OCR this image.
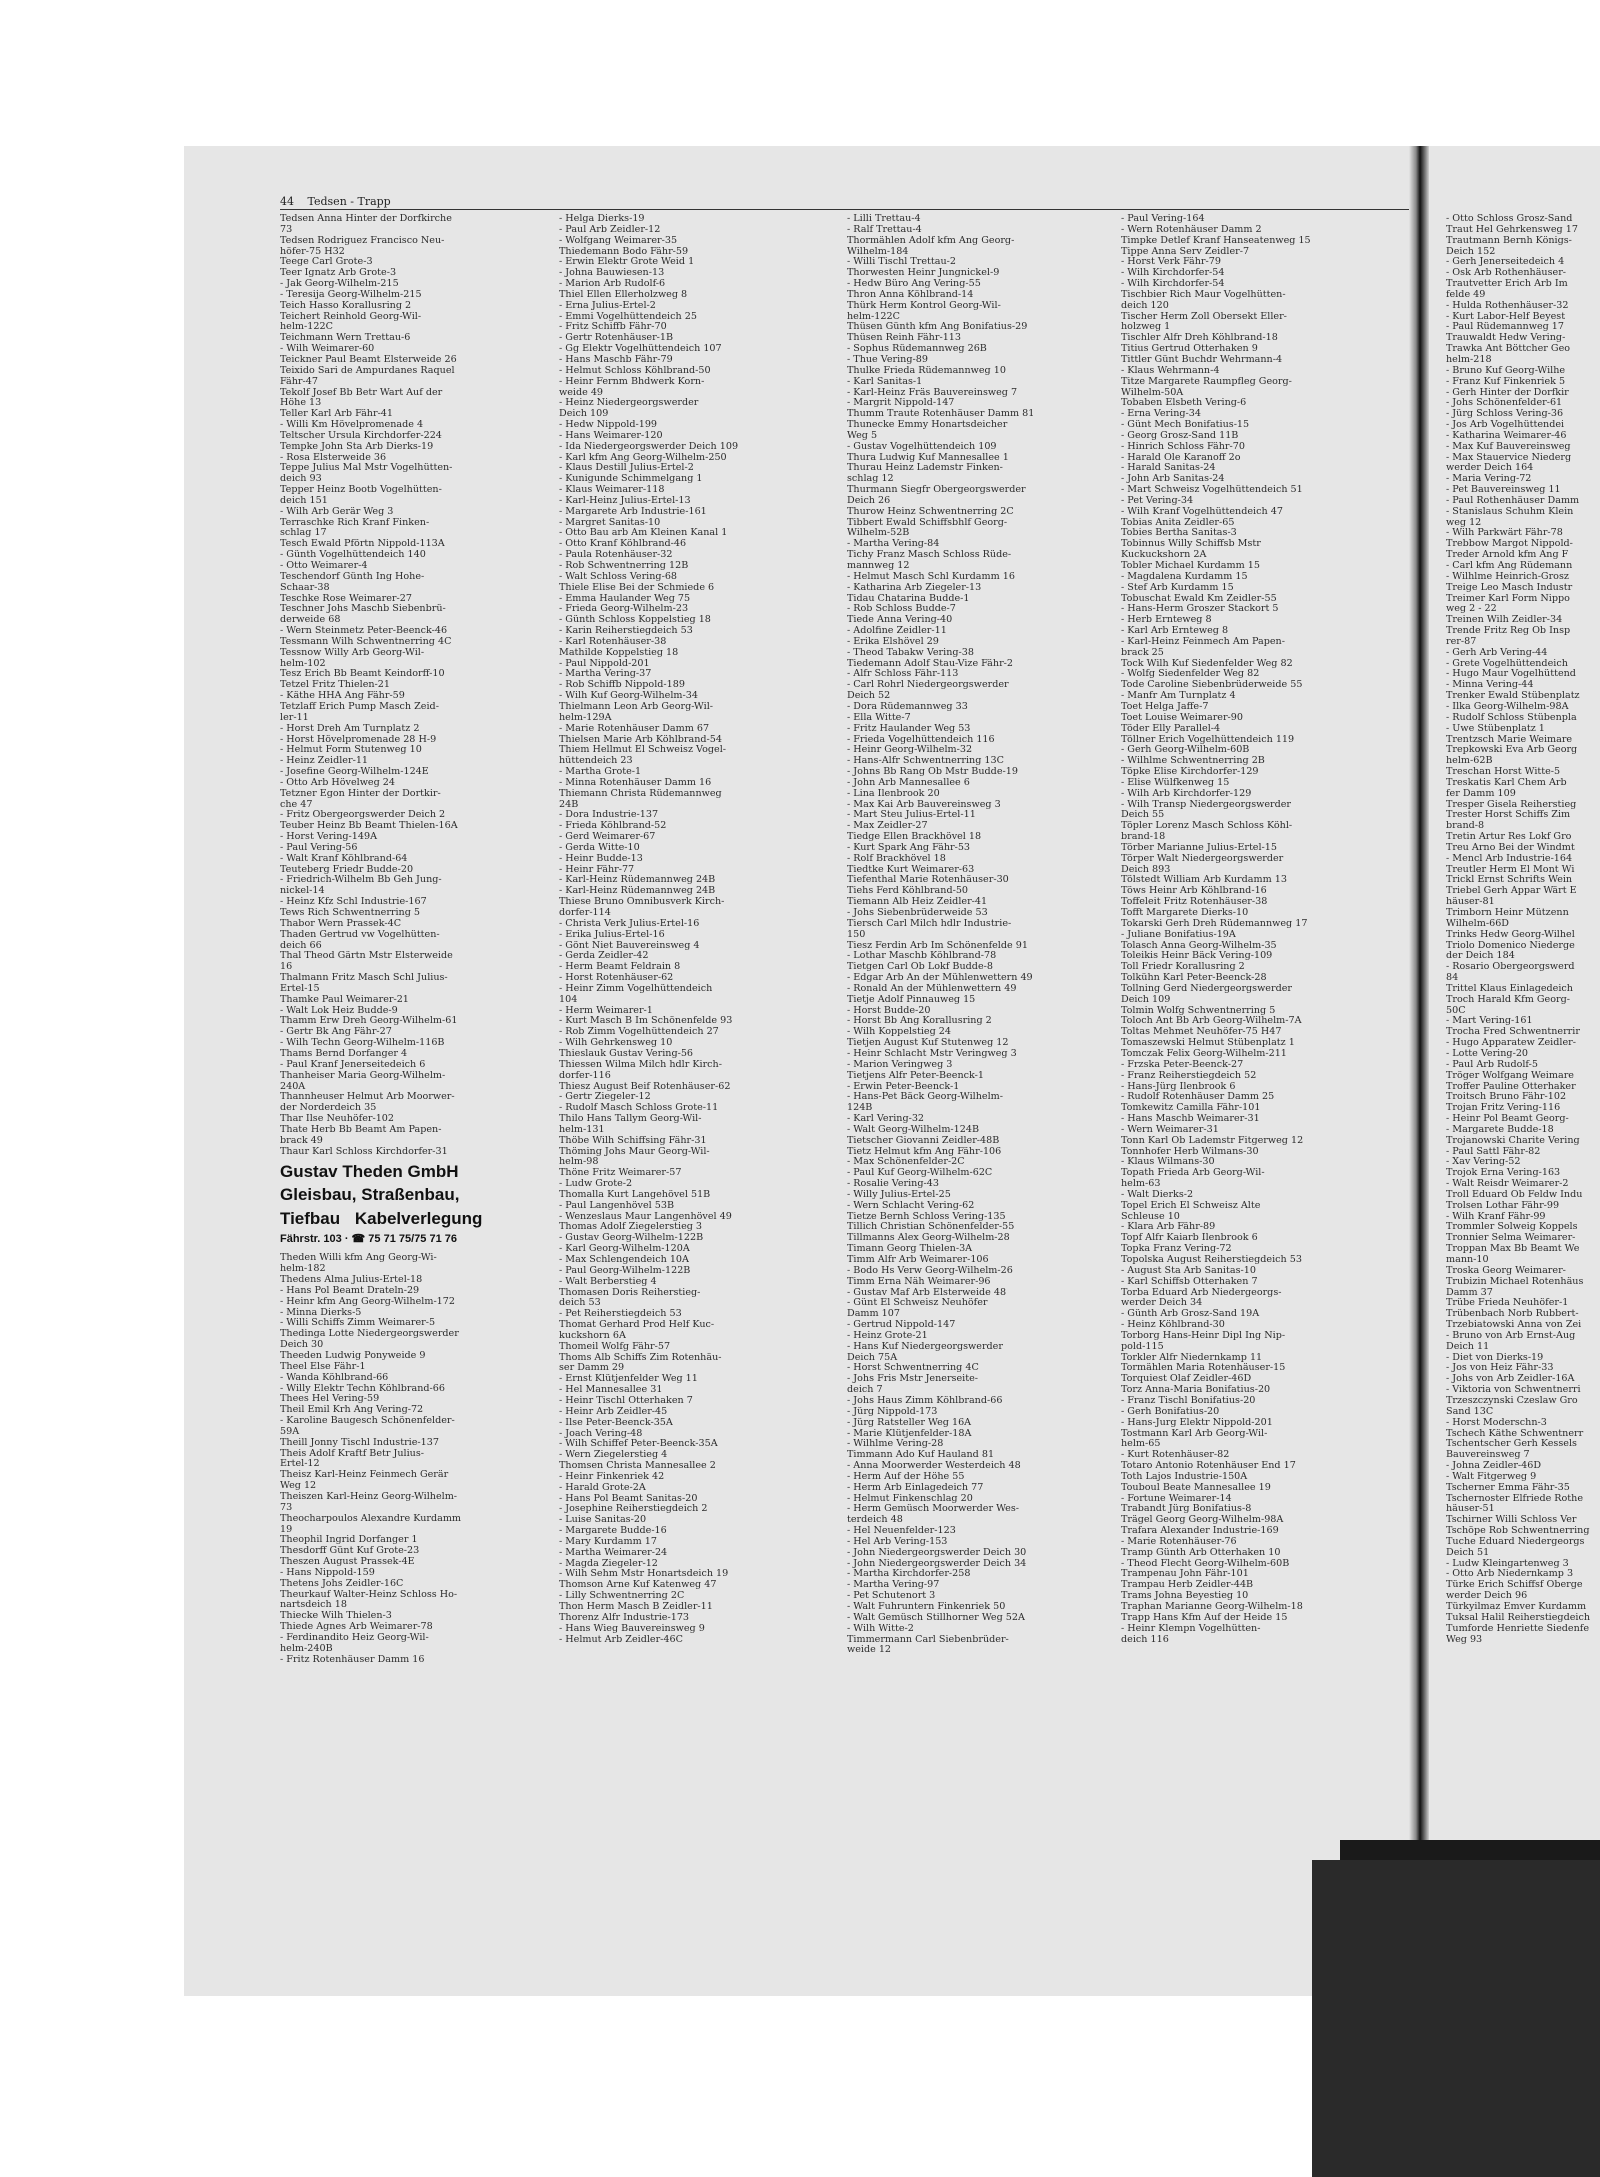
44 Tedsen - Trapp
Tedsen Anna Hinter der Dorfkirche
73
Tedsen Rodriguez Francisco Neu-
höfer-75 H32
Teege Carl Grote-3
Teer Ignatz Arb Grote-3
- Jak Georg-Wilhelm-215
- Teresija Georg-Wilhelm-215
Teich Hasso Korallusring 2
Teichert Reinhold Georg-Wil-
helm-122C
Teichmann Wern Trettau-6
- Wilh Weimarer-60
Teickner Paul Beamt Elsterweide 26
Teixido Sari de Ampurdanes Raquel
Fähr-47
Tekolf Josef Bb Betr Wart Auf der
Höhe 13
Teller Karl Arb Fähr-41
- Willi Km Hövelpromenade 4
Teltscher Ursula Kirchdorfer-224
Tempke John Sta Arb Dierks-19
- Rosa Elsterweide 36
Teppe Julius Mal Mstr Vogelhütten-
deich 93
Tepper Heinz Bootb Vogelhütten-
deich 151
- Wilh Arb Gerär Weg 3
Terraschke Rich Kranf Finken-
schlag 17
Tesch Ewald Pförtn Nippold-113A
- Günth Vogelhüttendeich 140
- Otto Weimarer-4
Teschendorf Günth Ing Hohe-
Schaar-38
Teschke Rose Weimarer-27
Teschner Johs Maschb Siebenbrü-
derweide 68
- Wern Steinmetz Peter-Beenck-46
Tessmann Wilh Schwentnerring 4C
Tessnow Willy Arb Georg-Wil-
helm-102
Tesz Erich Bb Beamt Keindorff-10
Tetzel Fritz Thielen-21
- Käthe HHA Ang Fähr-59
Tetzlaff Erich Pump Masch Zeid-
ler-11
- Horst Dreh Am Turnplatz 2
- Horst Hövelpromenade 28 H-9
- Helmut Form Stutenweg 10
- Heinz Zeidler-11
- Josefine Georg-Wilhelm-124E
- Otto Arb Hövelweg 24
Tetzner Egon Hinter der Dortkir-
che 47
- Fritz Obergeorgswerder Deich 2
Teuber Heinz Bb Beamt Thielen-16A
- Horst Vering-149A
- Paul Vering-56
- Walt Kranf Köhlbrand-64
Teuteberg Friedr Budde-20
- Friedrich-Wilhelm Bb Geh Jung-
nickel-14
- Heinz Kfz Schl Industrie-167
Tews Rich Schwentnerring 5
Thabor Wern Prassek-4C
Thaden Gertrud vw Vogelhütten-
deich 66
Thal Theod Gärtn Mstr Elsterweide
16
Thalmann Fritz Masch Schl Julius-
Ertel-15
Thamke Paul Weimarer-21
- Walt Lok Heiz Budde-9
Thamm Erw Dreh Georg-Wilhelm-61
- Gertr Bk Ang Fähr-27
- Wilh Techn Georg-Wilhelm-116B
Thams Bernd Dorfanger 4
- Paul Kranf Jenerseitedeich 6
Thanheiser Maria Georg-Wilhelm-
240A
Thannheuser Helmut Arb Moorwer-
der Norderdeich 35
Thar Ilse Neuhöfer-102
Thate Herb Bb Beamt Am Papen-
brack 49
Thaur Karl Schloss Kirchdorfer-31
Gustav Theden GmbH
Gleisbau, Straßenbau,
Tiefbau Kabelverlegung
Fährstr. 103 · ☎ 75 71 75/75 71 76
Theden Willi kfm Ang Georg-Wi-
helm-182
Thedens Alma Julius-Ertel-18
- Hans Pol Beamt Drateln-29
- Heinr kfm Ang Georg-Wilhelm-172
- Minna Dierks-5
- Willi Schiffs Zimm Weimarer-5
Thedinga Lotte Niedergeorgswerder
Deich 30
Theeden Ludwig Ponyweide 9
Theel Else Fähr-1
- Wanda Köhlbrand-66
- Willy Elektr Techn Köhlbrand-66
Thees Hel Vering-59
Theil Emil Krh Ang Vering-72
- Karoline Baugesch Schönenfelder-
59A
Theill Jonny Tischl Industrie-137
Theis Adolf Kraftf Betr Julius-
Ertel-12
Theisz Karl-Heinz Feinmech Gerär
Weg 12
Theiszen Karl-Heinz Georg-Wilhelm-
73
Theocharpoulos Alexandre Kurdamm
19
Theophil Ingrid Dorfanger 1
Thesdorff Günt Kuf Grote-23
Theszen August Prassek-4E
- Hans Nippold-159
Thetens Johs Zeidler-16C
Theurkauf Walter-Heinz Schloss Ho-
nartsdeich 18
Thiecke Wilh Thielen-3
Thiede Agnes Arb Weimarer-78
- Ferdinandito Heiz Georg-Wil-
helm-240B
- Fritz Rotenhäuser Damm 16
- Helga Dierks-19
- Paul Arb Zeidler-12
- Wolfgang Weimarer-35
Thiedemann Bodo Fähr-59
- Erwin Elektr Grote Weid 1
- Johna Bauwiesen-13
- Marion Arb Rudolf-6
Thiel Ellen Ellerholzweg 8
- Erna Julius-Ertel-2
- Emmi Vogelhüttendeich 25
- Fritz Schiffb Fähr-70
- Gertr Rotenhäuser-1B
- Gg Elektr Vogelhüttendeich 107
- Hans Maschb Fähr-79
- Helmut Schloss Köhlbrand-50
- Heinr Fernm Bhdwerk Korn-
weide 49
- Heinz Niedergeorgswerder
Deich 109
- Hedw Nippold-199
- Hans Weimarer-120
- Ida Niedergeorgswerder Deich 109
- Karl kfm Ang Georg-Wilhelm-250
- Klaus Destill Julius-Ertel-2
- Kunigunde Schimmelgang 1
- Klaus Weimarer-118
- Karl-Heinz Julius-Ertel-13
- Margarete Arb Industrie-161
- Margret Sanitas-10
- Otto Bau arb Am Kleinen Kanal 1
- Otto Kranf Köhlbrand-46
- Paula Rotenhäuser-32
- Rob Schwentnerring 12B
- Walt Schloss Vering-68
Thiele Elise Bei der Schmiede 6
- Emma Haulander Weg 75
- Frieda Georg-Wilhelm-23
- Günth Schloss Koppelstieg 18
- Karin Reiherstiegdeich 53
- Karl Rotenhäuser-38
Mathilde Koppelstieg 18
- Paul Nippold-201
- Martha Vering-37
- Rob Schiffb Nippold-189
- Wilh Kuf Georg-Wilhelm-34
Thielmann Leon Arb Georg-Wil-
helm-129A
- Marie Rotenhäuser Damm 67
Thielsen Marie Arb Köhlbrand-54
Thiem Hellmut El Schweisz Vogel-
hüttendeich 23
- Martha Grote-1
- Minna Rotenhäuser Damm 16
Thiemann Christa Rüdemannweg
24B
- Dora Industrie-137
- Frieda Köhlbrand-52
- Gerd Weimarer-67
- Gerda Witte-10
- Heinr Budde-13
- Heinr Fähr-77
- Karl-Heinz Rüdemannweg 24B
- Karl-Heinz Rüdemannweg 24B
Thiese Bruno Omnibusverk Kirch-
dorfer-114
- Christa Verk Julius-Ertel-16
- Erika Julius-Ertel-16
- Gönt Niet Bauvereinsweg 4
- Gerda Zeidler-42
- Herm Beamt Feldrain 8
- Horst Rotenhäuser-62
- Heinr Zimm Vogelhüttendeich
104
- Herm Weimarer-1
- Kurt Masch B Im Schönenfelde 93
- Rob Zimm Vogelhüttendeich 27
- Wilh Gehrkensweg 10
Thieslauk Gustav Vering-56
Thiessen Wilma Milch hdlr Kirch-
dorfer-116
Thiesz August Beif Rotenhäuser-62
- Gertr Ziegeler-12
- Rudolf Masch Schloss Grote-11
Thilo Hans Tallym Georg-Wil-
helm-131
Thöbe Wilh Schiffsing Fähr-31
Thöming Johs Maur Georg-Wil-
helm-98
Thöne Fritz Weimarer-57
- Ludw Grote-2
Thomalla Kurt Langehövel 51B
- Paul Langenhövel 53B
- Wenzeslaus Maur Langenhövel 49
Thomas Adolf Ziegelerstieg 3
- Gustav Georg-Wilhelm-122B
- Karl Georg-Wilhelm-120A
- Max Schlengendeich 10A
- Paul Georg-Wilhelm-122B
- Walt Berberstieg 4
Thomasen Doris Reiherstieg-
deich 53
- Pet Reiherstiegdeich 53
Thomat Gerhard Prod Helf Kuc-
kuckshorn 6A
Thomeil Wolfg Fähr-57
Thoms Alb Schiffs Zim Rotenhäu-
ser Damm 29
- Ernst Klütjenfelder Weg 11
- Hel Mannesallee 31
- Heinr Tischl Otterhaken 7
- Heinr Arb Zeidler-45
- Ilse Peter-Beenck-35A
- Joach Vering-48
- Wilh Schiffef Peter-Beenck-35A
- Wern Ziegelerstieg 4
Thomsen Christa Mannesallee 2
- Heinr Finkenriek 42
- Harald Grote-2A
- Hans Pol Beamt Sanitas-20
- Josephine Reiherstiegdeich 2
- Luise Sanitas-20
- Margarete Budde-16
- Mary Kurdamm 17
- Martha Weimarer-24
- Magda Ziegeler-12
- Wilh Sehm Mstr Honartsdeich 19
Thomson Arne Kuf Katenweg 47
- Lilly Schwentnerring 2C
Thon Herm Masch B Zeidler-11
Thorenz Alfr Industrie-173
- Hans Wieg Bauvereinsweg 9
- Helmut Arb Zeidler-46C
- Lilli Trettau-4
- Ralf Trettau-4
Thormählen Adolf kfm Ang Georg-
Wilhelm-184
- Willi Tischl Trettau-2
Thorwesten Heinr Jungnickel-9
- Hedw Büro Ang Vering-55
Thron Anna Köhlbrand-14
Thürk Herm Kontrol Georg-Wil-
helm-122C
Thüsen Günth kfm Ang Bonifatius-29
Thüsen Reinh Fähr-113
- Sophus Rüdemannweg 26B
- Thue Vering-89
Thulke Frieda Rüdemannweg 10
- Karl Sanitas-1
- Karl-Heinz Fräs Bauvereinsweg 7
- Margrit Nippold-147
Thumm Traute Rotenhäuser Damm 81
Thunecke Emmy Honartsdeicher
Weg 5
- Gustav Vogelhüttendeich 109
Thura Ludwig Kuf Mannesallee 1
Thurau Heinz Lademstr Finken-
schlag 12
Thurmann Siegfr Obergeorgswerder
Deich 26
Thurow Heinz Schwentnerring 2C
Tibbert Ewald Schiffsbhlf Georg-
Wilhelm-52B
- Martha Vering-84
Tichy Franz Masch Schloss Rüde-
mannweg 12
- Helmut Masch Schl Kurdamm 16
- Katharina Arb Ziegeler-13
Tidau Chatarina Budde-1
- Rob Schloss Budde-7
Tiede Anna Vering-40
- Adolfine Zeidler-11
- Erika Elshövel 29
- Theod Tabakw Vering-38
Tiedemann Adolf Stau-Vize Fähr-2
- Alfr Schloss Fähr-113
- Carl Rohrl Niedergeorgswerder
Deich 52
- Dora Rüdemannweg 33
- Ella Witte-7
- Fritz Haulander Weg 53
- Frieda Vogelhüttendeich 116
- Heinr Georg-Wilhelm-32
- Hans-Alfr Schwentnerring 13C
- Johns Bb Rang Ob Mstr Budde-19
- John Arb Mannesallee 6
- Lina Ilenbrook 20
- Max Kai Arb Bauvereinsweg 3
- Mart Steu Julius-Ertel-11
- Max Zeidler-27
Tiedge Ellen Brackhövel 18
- Kurt Spark Ang Fähr-53
- Rolf Brackhövel 18
Tiedtke Kurt Weimarer-63
Tiefenthal Marie Rotenhäuser-30
Tiehs Ferd Köhlbrand-50
Tiemann Alb Heiz Zeidler-41
- Johs Siebenbrüderweide 53
Tiersch Carl Milch hdlr Industrie-
150
Tiesz Ferdin Arb Im Schönenfelde 91
- Lothar Maschb Köhlbrand-78
Tietgen Carl Ob Lokf Budde-8
- Edgar Arb An der Mühlenwettern 49
- Ronald An der Mühlenwettern 49
Tietje Adolf Pinnauweg 15
- Horst Budde-20
- Horst Bb Ang Korallusring 2
- Wilh Koppelstieg 24
Tietjen August Kuf Stutenweg 12
- Heinr Schlacht Mstr Veringweg 3
- Marion Veringweg 3
Tietjens Alfr Peter-Beenck-1
- Erwin Peter-Beenck-1
- Hans-Pet Bäck Georg-Wilhelm-
124B
- Karl Vering-32
- Walt Georg-Wilhelm-124B
Tietscher Giovanni Zeidler-48B
Tietz Helmut kfm Ang Fähr-106
- Max Schönenfelder-2C
- Paul Kuf Georg-Wilhelm-62C
- Rosalie Vering-43
- Willy Julius-Ertel-25
- Wern Schlacht Vering-62
Tietze Bernh Schloss Vering-135
Tillich Christian Schönenfelder-55
Tillmanns Alex Georg-Wilhelm-28
Timann Georg Thielen-3A
Timm Alfr Arb Weimarer-106
- Bodo Hs Verw Georg-Wilhelm-26
Timm Erna Näh Weimarer-96
- Gustav Maf Arb Elsterweide 48
- Günt El Schweisz Neuhöfer
Damm 107
- Gertrud Nippold-147
- Heinz Grote-21
- Hans Kuf Niedergeorgswerder
Deich 75A
- Horst Schwentnerring 4C
- Johs Fris Mstr Jenerseite-
deich 7
- Johs Haus Zimm Köhlbrand-66
- Jürg Nippold-173
- Jürg Ratsteller Weg 16A
- Marie Klütjenfelder-18A
- Wilhlme Vering-28
Timmann Ado Kuf Hauland 81
- Anna Moorwerder Westerdeich 48
- Herm Auf der Höhe 55
- Herm Arb Einlagedeich 77
- Helmut Finkenschlag 20
- Herm Gemüsch Moorwerder Wes-
terdeich 48
- Hel Neuenfelder-123
- Hel Arb Vering-153
- John Niedergeorgswerder Deich 30
- John Niedergeorgswerder Deich 34
- Martha Kirchdorfer-258
- Martha Vering-97
- Pet Schutenort 3
- Walt Fuhruntern Finkenriek 50
- Walt Gemüsch Stillhorner Weg 52A
- Wilh Witte-2
Timmermann Carl Siebenbrüder-
weide 12
- Paul Vering-164
- Wern Rotenhäuser Damm 2
Timpke Detlef Kranf Hanseatenweg 15
Tippe Anna Serv Zeidler-7
- Horst Verk Fähr-79
- Wilh Kirchdorfer-54
- Wilh Kirchdorfer-54
Tischbier Rich Maur Vogelhütten-
deich 120
Tischer Herm Zoll Obersekt Eller-
holzweg 1
Tischler Alfr Dreh Köhlbrand-18
Titius Gertrud Otterhaken 9
Tittler Günt Buchdr Wehrmann-4
- Klaus Wehrmann-4
Titze Margarete Raumpfleg Georg-
Wilhelm-50A
Tobaben Elsbeth Vering-6
- Erna Vering-34
- Günt Mech Bonifatius-15
- Georg Grosz-Sand 11B
- Hinrich Schloss Fähr-70
- Harald Ole Karanoff 2o
- Harald Sanitas-24
- John Arb Sanitas-24
- Mart Schweisz Vogelhüttendeich 51
- Pet Vering-34
- Wilh Kranf Vogelhüttendeich 47
Tobias Anita Zeidler-65
Tobies Bertha Sanitas-3
Tobinnus Willy Schiffsb Mstr
Kuckuckshorn 2A
Tobler Michael Kurdamm 15
- Magdalena Kurdamm 15
- Stef Arb Kurdamm 15
Tobuschat Ewald Km Zeidler-55
- Hans-Herm Groszer Stackort 5
- Herb Ernteweg 8
- Karl Arb Ernteweg 8
- Karl-Heinz Feinmech Am Papen-
brack 25
Tock Wilh Kuf Siedenfelder Weg 82
- Wolfg Siedenfelder Weg 82
Tode Caroline Siebenbrüderweide 55
- Manfr Am Turnplatz 4
Toet Helga Jaffe-7
Toet Louise Weimarer-90
Töder Elly Parallel-4
Töllner Erich Vogelhüttendeich 119
- Gerh Georg-Wilhelm-60B
- Wilhlme Schwentnerring 2B
Töpke Elise Kirchdorfer-129
- Elise Wülfkenweg 15
- Wilh Arb Kirchdorfer-129
- Wilh Transp Niedergeorgswerder
Deich 55
Töpler Lorenz Masch Schloss Köhl-
brand-18
Törber Marianne Julius-Ertel-15
Törper Walt Niedergeorgswerder
Deich 893
Tölstedt William Arb Kurdamm 13
Töws Heinr Arb Köhlbrand-16
Toffeleit Fritz Rotenhäuser-38
Tofft Margarete Dierks-10
Tokarski Gerh Dreh Rüdemannweg 17
- Juliane Bonifatius-19A
Tolasch Anna Georg-Wilhelm-35
Toleikis Heinr Bäck Vering-109
Toll Friedr Korallusring 2
Tolkühn Karl Peter-Beenck-28
Tollning Gerd Niedergeorgswerder
Deich 109
Tolmin Wolfg Schwentnerring 5
Toloch Ant Bb Arb Georg-Wilhelm-7A
Toltas Mehmet Neuhöfer-75 H47
Tomaszewski Helmut Stübenplatz 1
Tomczak Felix Georg-Wilhelm-211
- Frzska Peter-Beenck-27
- Franz Reiherstiegdeich 52
- Hans-Jürg Ilenbrook 6
- Rudolf Rotenhäuser Damm 25
Tomkewitz Camilla Fähr-101
- Hans Maschb Weimarer-31
- Wern Weimarer-31
Tonn Karl Ob Lademstr Fitgerweg 12
Tonnhofer Herb Wilmans-30
- Klaus Wilmans-30
Topath Frieda Arb Georg-Wil-
helm-63
- Walt Dierks-2
Topel Erich El Schweisz Alte
Schleuse 10
- Klara Arb Fähr-89
Topf Alfr Kaiarb Ilenbrook 6
Topka Franz Vering-72
Topolska August Reiherstiegdeich 53
- August Sta Arb Sanitas-10
- Karl Schiffsb Otterhaken 7
Torba Eduard Arb Niedergeorgs-
werder Deich 34
- Günth Arb Grosz-Sand 19A
- Heinz Köhlbrand-30
Torborg Hans-Heinr Dipl Ing Nip-
pold-115
Torkler Alfr Niedernkamp 11
Tormählen Maria Rotenhäuser-15
Torquiest Olaf Zeidler-46D
Torz Anna-Maria Bonifatius-20
- Franz Tischl Bonifatius-20
- Gerh Bonifatius-20
- Hans-Jurg Elektr Nippold-201
Tostmann Karl Arb Georg-Wil-
helm-65
- Kurt Rotenhäuser-82
Totaro Antonio Rotenhäuser End 17
Toth Lajos Industrie-150A
Touboul Beate Mannesallee 19
- Fortune Weimarer-14
Trabandt Jürg Bonifatius-8
Trägel Georg Georg-Wilhelm-98A
Trafara Alexander Industrie-169
- Marie Rotenhäuser-76
Tramp Günth Arb Otterhaken 10
- Theod Flecht Georg-Wilhelm-60B
Trampenau John Fähr-101
Trampau Herb Zeidler-44B
Trams Johna Beyestieg 10
Traphan Marianne Georg-Wilhelm-18
Trapp Hans Kfm Auf der Heide 15
- Heinr Klempn Vogelhütten-
deich 116
- Otto Schloss Grosz-Sand
Traut Hel Gehrkensweg 17
Trautmann Bernh Königs-
Deich 152
- Gerh Jenerseitedeich 4
- Osk Arb Rothenhäuser-
Trautvetter Erich Arb Im
felde 49
- Hulda Rothenhäuser-32
- Kurt Labor-Helf Beyest
- Paul Rüdemannweg 17
Trauwaldt Hedw Vering-
Trawka Ant Böttcher Geo
helm-218
- Bruno Kuf Georg-Wilhe
- Franz Kuf Finkenriek 5
- Gerh Hinter der Dorfkir
- Johs Schönenfelder-61
- Jürg Schloss Vering-36
- Jos Arb Vogelhüttendei
- Katharina Weimarer-46
- Max Kuf Bauvereinsweg
- Max Stauervice Niederg
werder Deich 164
- Maria Vering-72
- Pet Bauvereinsweg 11
- Paul Rothenhäuser Damm
- Stanislaus Schuhm Klein
weg 12
- Wilh Parkwärt Fähr-78
Trebbow Margot Nippold-
Treder Arnold kfm Ang F
- Carl kfm Ang Rüdemann
- Wilhlme Heinrich-Grosz
Treige Leo Masch Industr
Treimer Karl Form Nippo
weg 2 - 22
Treinen Wilh Zeidler-34
Trende Fritz Reg Ob Insp
rer-87
- Gerh Arb Vering-44
- Grete Vogelhüttendeich
- Hugo Maur Vogelhüttend
- Minna Vering-44
Trenker Ewald Stübenplatz
- Ilka Georg-Wilhelm-98A
- Rudolf Schloss Stübenpla
- Uwe Stübenplatz 1
Trentzsch Marie Weimare
Trepkowski Eva Arb Georg
helm-62B
Treschan Horst Witte-5
Treskatis Karl Chem Arb
fer Damm 109
Tresper Gisela Reiherstieg
Trester Horst Schiffs Zim
brand-8
Tretin Artur Res Lokf Gro
Treu Arno Bei der Windmt
- Mencl Arb Industrie-164
Treutler Herm El Mont Wi
Trickl Ernst Schrifts Wein
Triebel Gerh Appar Wärt E
häuser-81
Trimborn Heinr Mützenn
Wilhelm-66D
Trinks Hedw Georg-Wilhel
Triolo Domenico Niederge
der Deich 184
- Rosario Obergeorgswerd
84
Trittel Klaus Einlagedeich
Troch Harald Kfm Georg-
50C
- Mart Vering-161
Trocha Fred Schwentnerrir
- Hugo Apparatew Zeidler-
- Lotte Vering-20
- Paul Arb Rudolf-5
Tröger Wolfgang Weimare
Troffer Pauline Otterhaker
Troitsch Bruno Fähr-102
Trojan Fritz Vering-116
- Heinr Pol Beamt Georg-
- Margarete Budde-18
Trojanowski Charite Vering
- Paul Sattl Fähr-82
- Xav Vering-52
Trojok Erna Vering-163
- Walt Reisdr Weimarer-2
Troll Eduard Ob Feldw Indu
Trolsen Lothar Fähr-99
- Wilh Kranf Fähr-99
Trommler Solweig Koppels
Tronnier Selma Weimarer-
Troppan Max Bb Beamt We
mann-10
Troska Georg Weimarer-
Trubizin Michael Rotenhäus
Damm 37
Trübe Frieda Neuhöfer-1
Trübenbach Norb Rubbert-
Trzebiatowski Anna von Zei
- Bruno von Arb Ernst-Aug
Deich 11
- Diet von Dierks-19
- Jos von Heiz Fähr-33
- Johs von Arb Zeidler-16A
- Viktoria von Schwentnerri
Trzeszczynski Czeslaw Gro
Sand 13C
- Horst Moderschn-3
Tschech Käthe Schwentnerr
Tschentscher Gerh Kessels
Bauvereinsweg 7
- Johna Zeidler-46D
- Walt Fitgerweg 9
Tscherner Emma Fähr-35
Tschernoster Elfriede Rothe
häuser-51
Tschirner Willi Schloss Ver
Tschöpe Rob Schwentnerring
Tuche Eduard Niedergeorgs
Deich 51
- Ludw Kleingartenweg 3
- Otto Arb Niedernkamp 3
Türke Erich Schiffsf Oberge
werder Deich 96
Türkyilmaz Emver Kurdamm
Tuksal Halil Reiherstiegdeich
Tumforde Henriette Siedenfe
Weg 93
